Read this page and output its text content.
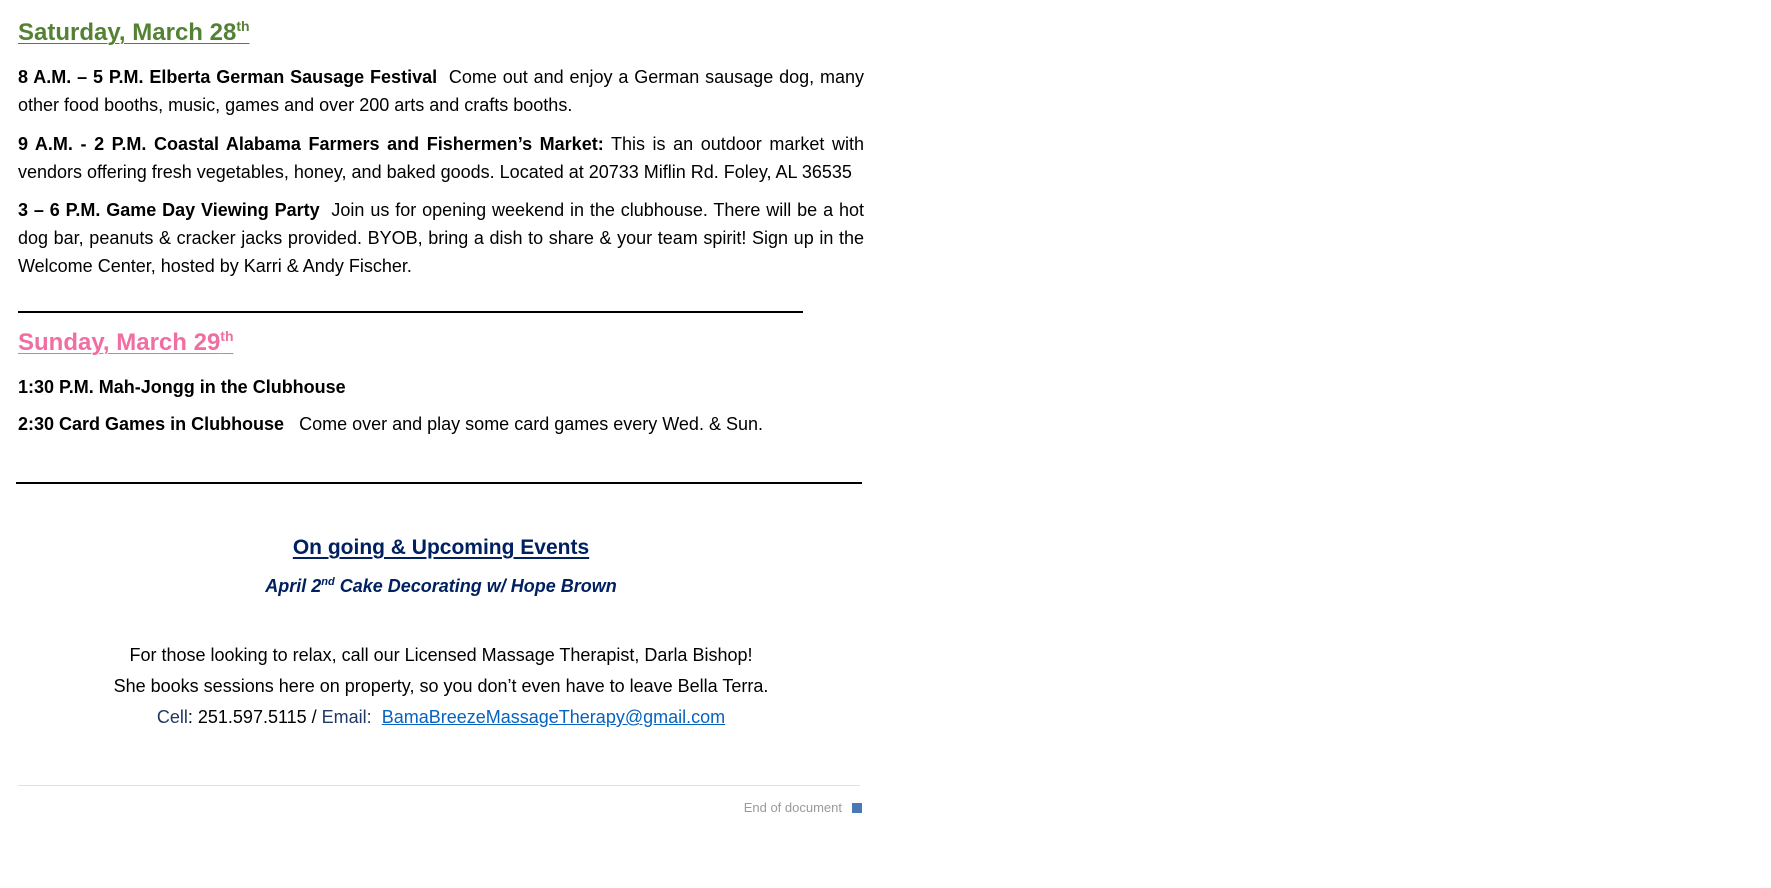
Saturday, March 28th
8 A.M. – 5 P.M. Elberta German Sausage Festival Come out and enjoy a German sausage dog, many other food booths, music, games and over 200 arts and crafts booths.
9 A.M. - 2 P.M. Coastal Alabama Farmers and Fishermen’s Market: This is an outdoor market with vendors offering fresh vegetables, honey, and baked goods. Located at 20733 Miflin Rd. Foley, AL 36535
3 – 6 P.M. Game Day Viewing Party Join us for opening weekend in the clubhouse. There will be a hot dog bar, peanuts & cracker jacks provided. BYOB, bring a dish to share & your team spirit! Sign up in the Welcome Center, hosted by Karri & Andy Fischer.
Sunday, March 29th
1:30 P.M. Mah-Jongg in the Clubhouse
2:30 Card Games in Clubhouse Come over and play some card games every Wed. & Sun.
On going & Upcoming Events
April 2nd Cake Decorating w/ Hope Brown
For those looking to relax, call our Licensed Massage Therapist, Darla Bishop!
She books sessions here on property, so you don’t even have to leave Bella Terra.
Cell: 251.597.5115 / Email: BamaBreezeMassageTherapy@gmail.com
End of document
